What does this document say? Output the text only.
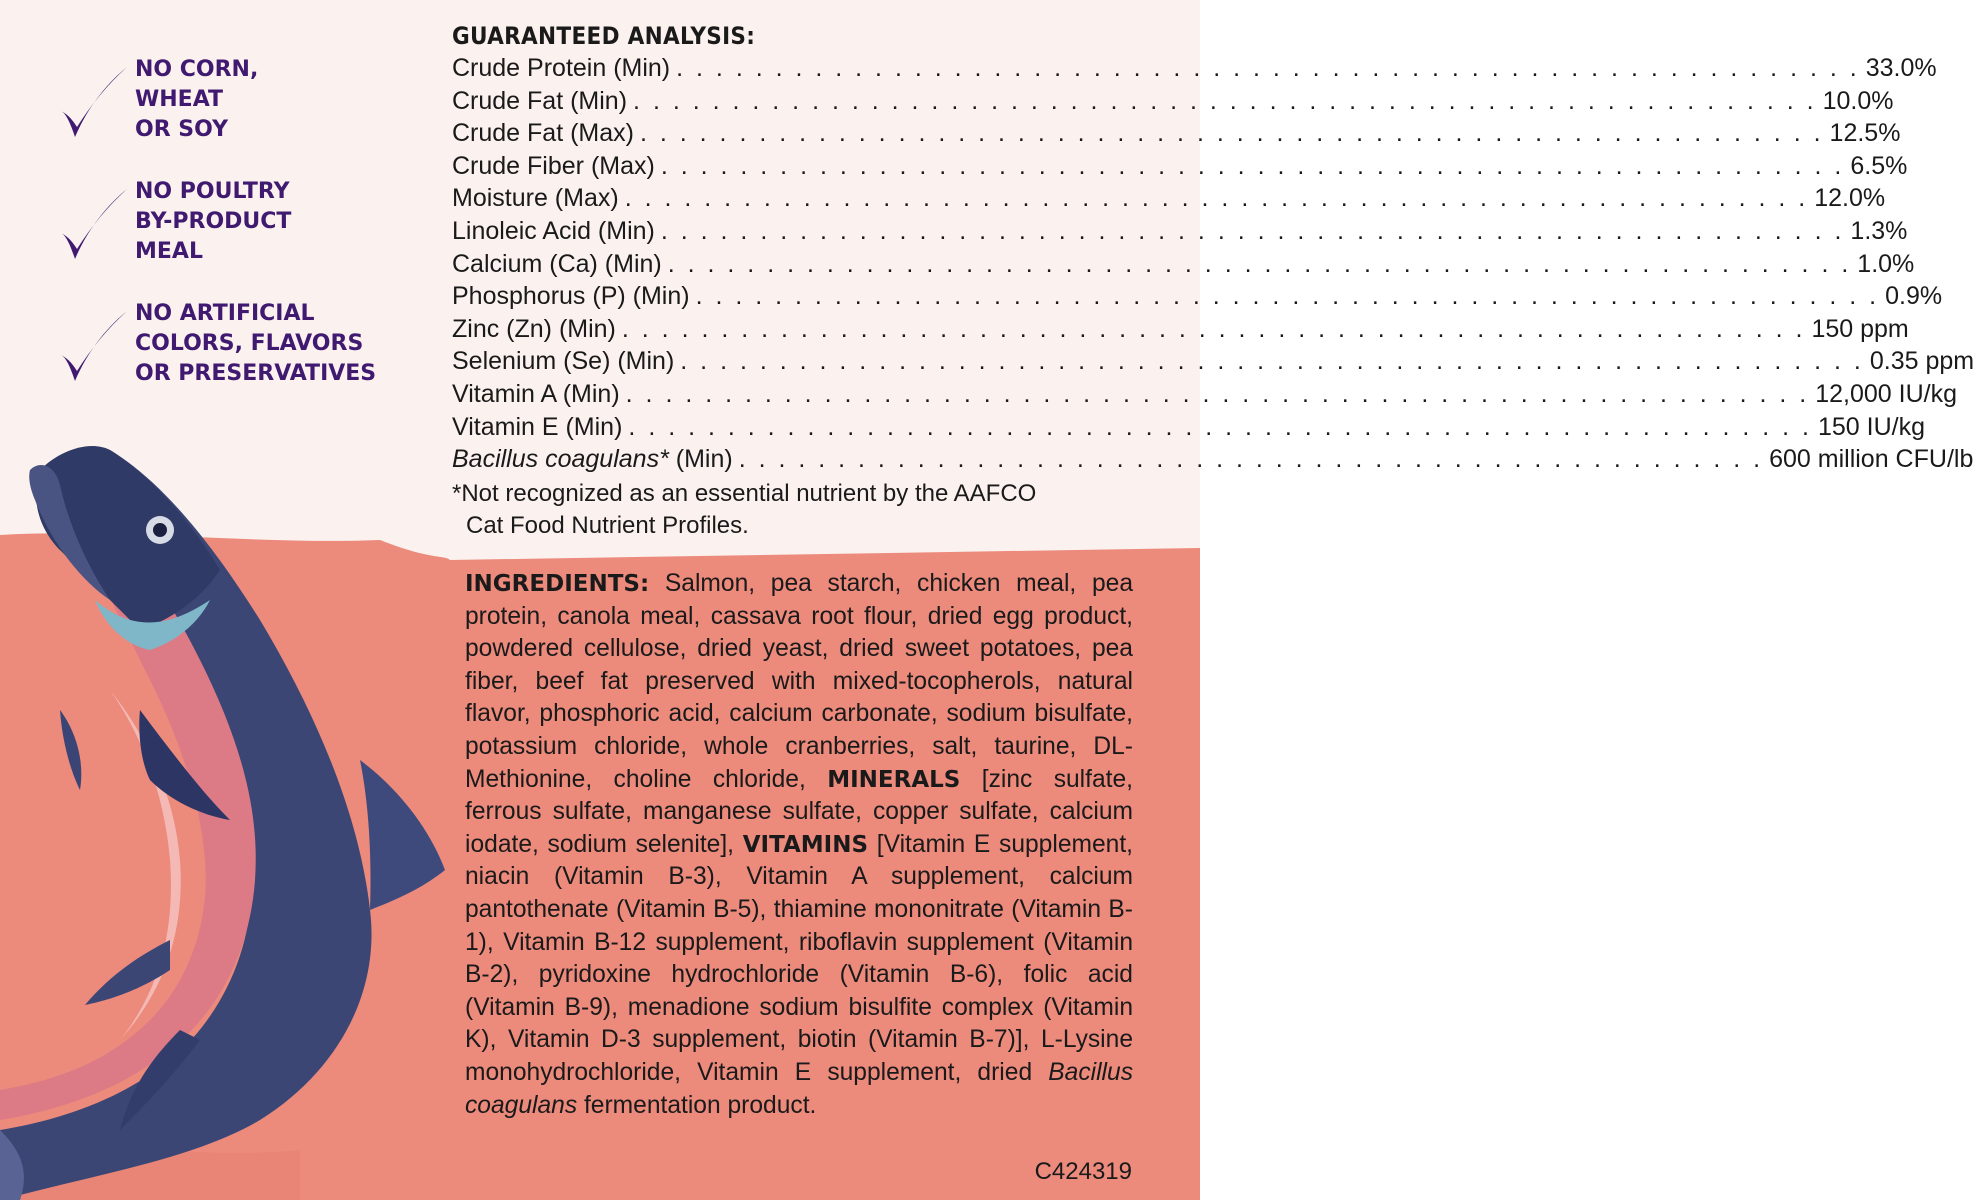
NO CORN,
WHEAT
OR SOY
NO POULTRY
BY-PRODUCT
MEAL
NO ARTIFICIAL
COLORS, FLAVORS
OR PRESERVATIVES
GUARANTEED ANALYSIS:
Crude Protein (Min) . . . . . . . . . . . . . . . . . . . . . . . . . . . . . . . . . . . . . . . . . . . . . . . . . . . . . . . . . . . . 33.0%
Crude Fat (Min) . . . . . . . . . . . . . . . . . . . . . . . . . . . . . . . . . . . . . . . . . . . . . . . . . . . . . . . . . . . . 10.0%
Crude Fat (Max) . . . . . . . . . . . . . . . . . . . . . . . . . . . . . . . . . . . . . . . . . . . . . . . . . . . . . . . . . . . . 12.5%
Crude Fiber (Max) . . . . . . . . . . . . . . . . . . . . . . . . . . . . . . . . . . . . . . . . . . . . . . . . . . . . . . . . . . . . 6.5%
Moisture (Max) . . . . . . . . . . . . . . . . . . . . . . . . . . . . . . . . . . . . . . . . . . . . . . . . . . . . . . . . . . . . 12.0%
Linoleic Acid (Min) . . . . . . . . . . . . . . . . . . . . . . . . . . . . . . . . . . . . . . . . . . . . . . . . . . . . . . . . . . . . 1.3%
Calcium (Ca) (Min) . . . . . . . . . . . . . . . . . . . . . . . . . . . . . . . . . . . . . . . . . . . . . . . . . . . . . . . . . . . . 1.0%
Phosphorus (P) (Min) . . . . . . . . . . . . . . . . . . . . . . . . . . . . . . . . . . . . . . . . . . . . . . . . . . . . . . . . . . . . 0.9%
Zinc (Zn) (Min) . . . . . . . . . . . . . . . . . . . . . . . . . . . . . . . . . . . . . . . . . . . . . . . . . . . . . . . . . . . . 150 ppm
Selenium (Se) (Min) . . . . . . . . . . . . . . . . . . . . . . . . . . . . . . . . . . . . . . . . . . . . . . . . . . . . . . . . . . . . 0.35 ppm
Vitamin A (Min) . . . . . . . . . . . . . . . . . . . . . . . . . . . . . . . . . . . . . . . . . . . . . . . . . . . . . . . . . . . . 12,000 IU/kg
Vitamin E (Min) . . . . . . . . . . . . . . . . . . . . . . . . . . . . . . . . . . . . . . . . . . . . . . . . . . . . . . . . . . . . 150 IU/kg
Bacillus coagulans* (Min) . . . . . . . . . . . . . . . . . . . . . . . . . . . . . . . . . . . . . . . . . . . . . . . . . . . . 600 million CFU/lb
*Not recognized as an essential nutrient by the AAFCO
Cat Food Nutrient Profiles.
INGREDIENTS: Salmon, pea starch, chicken meal, pea protein, canola meal, cassava root flour, dried egg product, powdered cellulose, dried yeast, dried sweet potatoes, pea fiber, beef fat preserved with mixed-tocopherols, natural flavor, phosphoric acid, calcium carbonate, sodium bisulfate, potassium chloride, whole cranberries, salt, taurine, DL-Methionine, choline chloride, MINERALS [zinc sulfate, ferrous sulfate, manganese sulfate, copper sulfate, calcium iodate, sodium selenite], VITAMINS [Vitamin E supplement, niacin (Vitamin B-3), Vitamin A supplement, calcium pantothenate (Vitamin B-5), thiamine mononitrate (Vitamin B-1), Vitamin B-12 supplement, riboflavin supplement (Vitamin B-2), pyridoxine hydrochloride (Vitamin B-6), folic acid (Vitamin B-9), menadione sodium bisulfite complex (Vitamin K), Vitamin D-3 supplement, biotin (Vitamin B-7)], L-Lysine monohydrochloride, Vitamin E supplement, dried Bacillus coagulans fermentation product.
C424319
